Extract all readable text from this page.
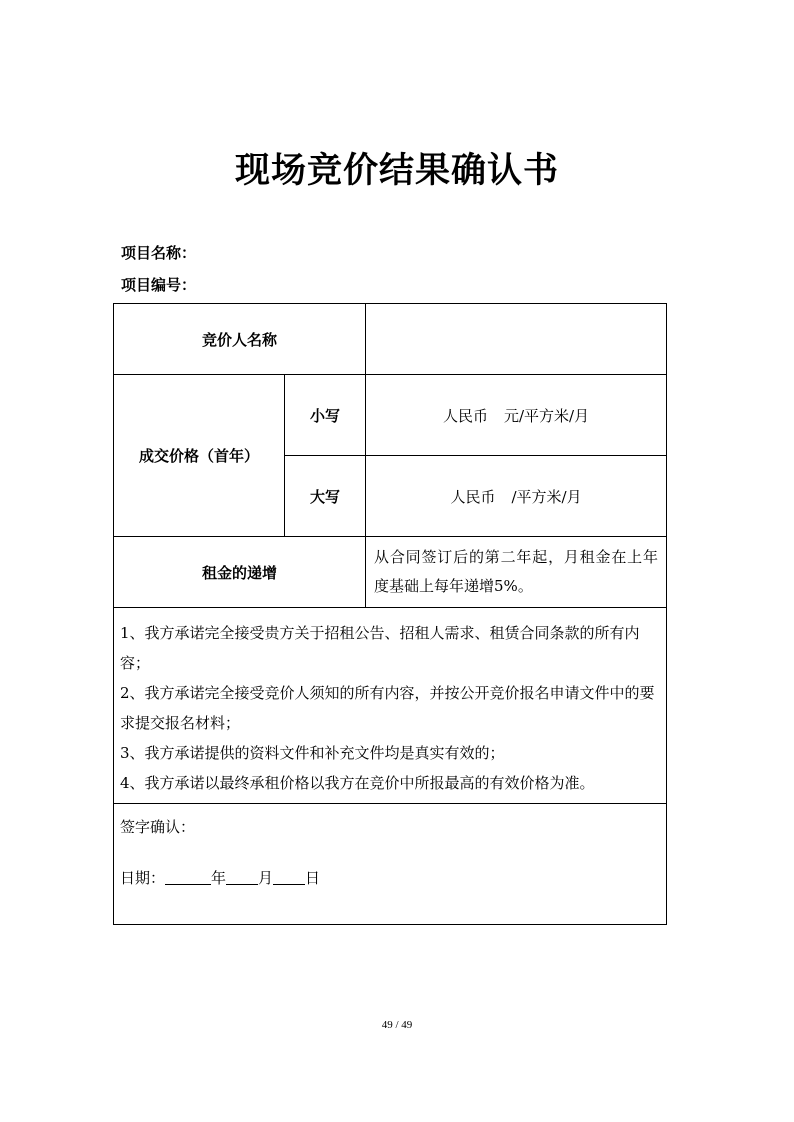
现场竞价结果确认书
项目名称：
项目编号：
竞价人名称		
成交价格（首年）	小写	人民币 元/平方米/月
	大写	人民币 /平方米/月
租金的递增		从合同签订后的第二年起，月租金在上年度基础上每年递增5%。

1、我方承诺完全接受贵方关于招租公告、招租人需求、租赁合同条款的所有内容；

2、我方承诺完全接受竞价人须知的所有内容，并按公开竞价报名申请文件中的要求提交报名材料；

3、我方承诺提供的资料文件和补充文件均是真实有效的；

4、我方承诺以最终承租价格以我方在竞价中所报最高的有效价格为准。		

签字确认：

日期： 年 月 日		

49 / 49
